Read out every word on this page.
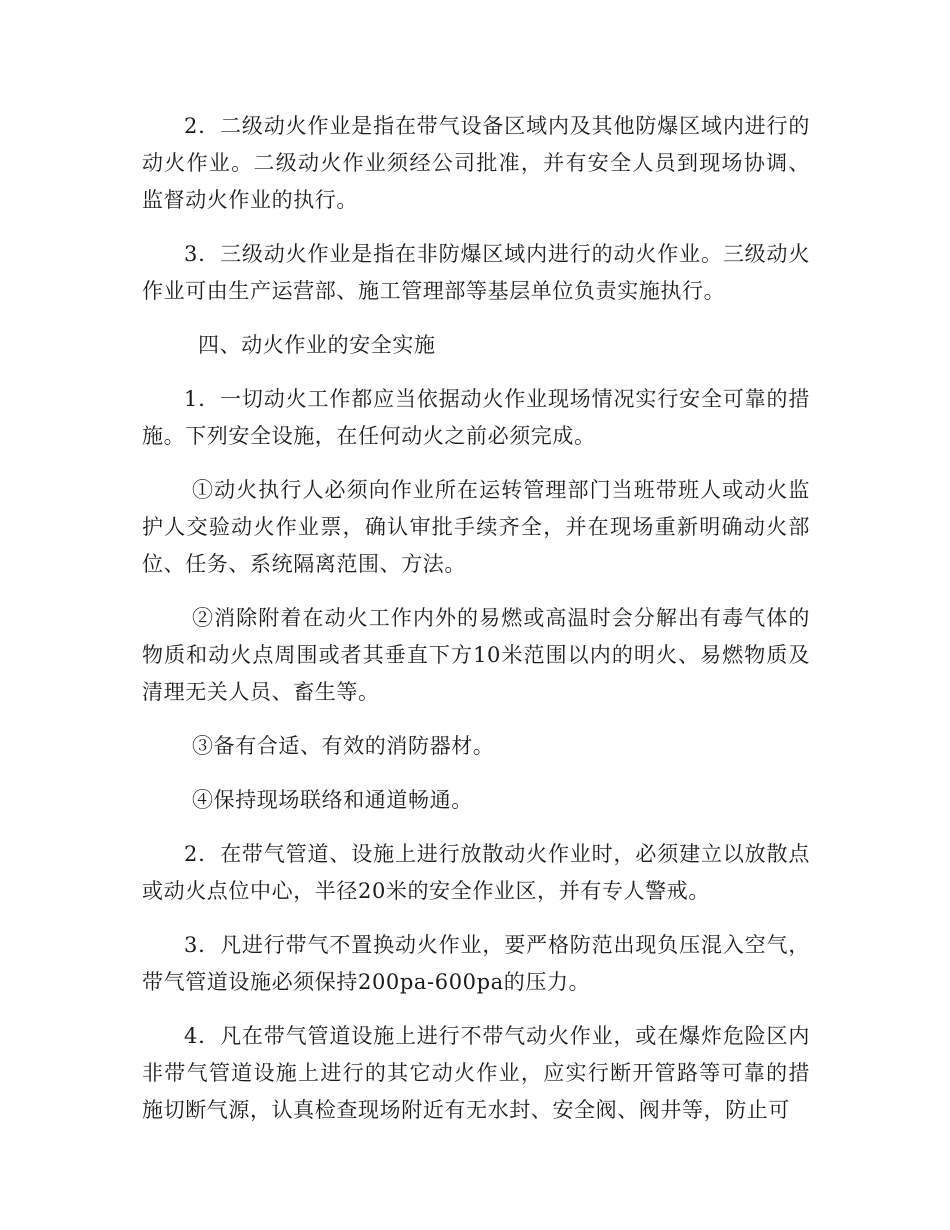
2．二级动火作业是指在带气设备区域内及其他防爆区域内进行的动火作业。二级动火作业须经公司批准，并有安全人员到现场协调、监督动火作业的执行。

3．三级动火作业是指在非防爆区域内进行的动火作业。三级动火作业可由生产运营部、施工管理部等基层单位负责实施执行。

四、动火作业的安全实施

1．一切动火工作都应当依据动火作业现场情况实行安全可靠的措施。下列安全设施，在任何动火之前必须完成。

①动火执行人必须向作业所在运转管理部门当班带班人或动火监护人交验动火作业票，确认审批手续齐全，并在现场重新明确动火部位、任务、系统隔离范围、方法。

②消除附着在动火工作内外的易燃或高温时会分解出有毒气体的物质和动火点周围或者其垂直下方10米范围以内的明火、易燃物质及清理无关人员、畜生等。

③备有合适、有效的消防器材。

④保持现场联络和通道畅通。

2．在带气管道、设施上进行放散动火作业时，必须建立以放散点或动火点位中心，半径20米的安全作业区，并有专人警戒。

3．凡进行带气不置换动火作业，要严格防范出现负压混入空气，带气管道设施必须保持200pa-600pa的压力。

4．凡在带气管道设施上进行不带气动火作业，或在爆炸危险区内非带气管道设施上进行的其它动火作业，应实行断开管路等可靠的措施切断气源，认真检查现场附近有无水封、安全阀、阀井等，防止可
